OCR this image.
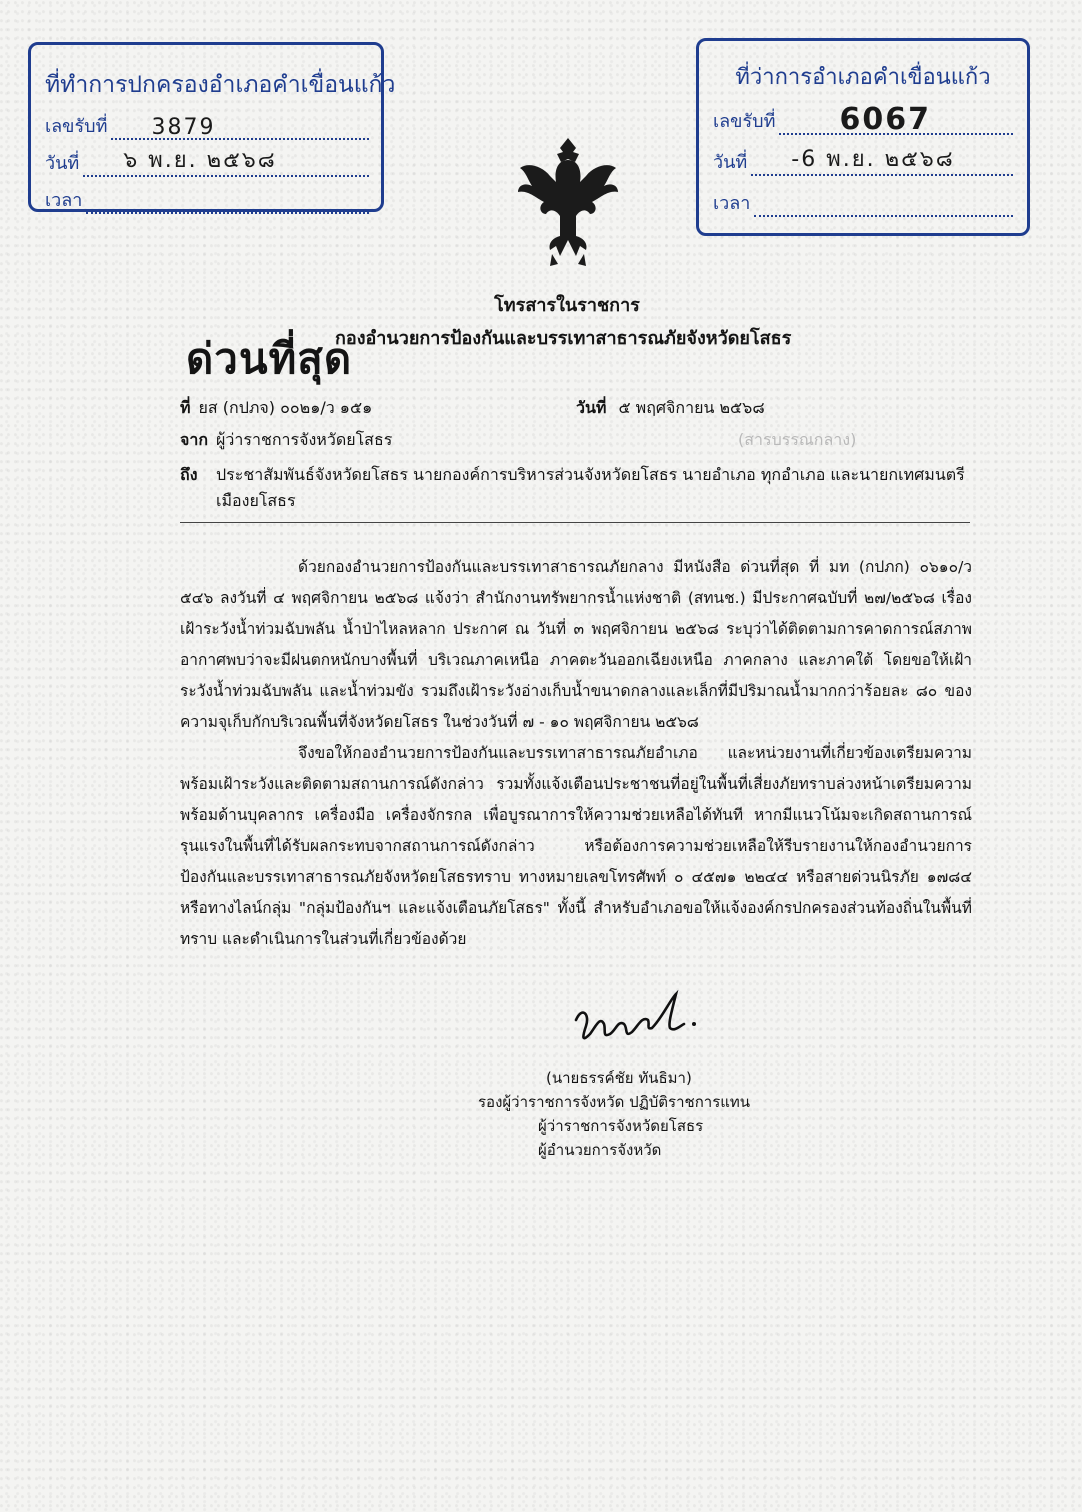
ที่ทำการปกครองอำเภอคำเขื่อนแก้ว
เลขรับที่ 3879
วันที่ ๖ พ.ย. ๒๕๖๘
เวลา
ที่ว่าการอำเภอคำเขื่อนแก้ว
เลขรับที่ 6067
วันที่ -6 พ.ย. ๒๕๖๘
เวลา
โทรสารในราชการ
ด่วนที่สุด
กองอำนวยการป้องกันและบรรเทาสาธารณภัยจังหวัดยโสธร
ที่ ยส (กปภจ) ๐๐๒๑/ว ๑๕๑	วันที่ ๕ พฤศจิกายน ๒๕๖๘
จาก ผู้ว่าราชการจังหวัดยโสธร	(สารบรรณกลาง)
ถึง	ประชาสัมพันธ์จังหวัดยโสธร นายกองค์การบริหารส่วนจังหวัดยโสธร นายอำเภอ ทุกอำเภอ และนายกเทศมนตรีเมืองยโสธร
ด้วยกองอำนวยการป้องกันและบรรเทาสาธารณภัยกลาง มีหนังสือ ด่วนที่สุด ที่ มท (กปภก) ๐๖๑๐/ว ๕๔๖ ลงวันที่ ๔ พฤศจิกายน ๒๕๖๘ แจ้งว่า สำนักงานทรัพยากรน้ำแห่งชาติ (สทนช.) มีประกาศฉบับที่ ๒๗/๒๕๖๘ เรื่อง เฝ้าระวังน้ำท่วมฉับพลัน น้ำป่าไหลหลาก ประกาศ ณ วันที่ ๓ พฤศจิกายน ๒๕๖๘ ระบุว่าได้ติดตามการคาดการณ์สภาพอากาศพบว่าจะมีฝนตกหนักบางพื้นที่ บริเวณภาคเหนือ ภาคตะวันออกเฉียงเหนือ ภาคกลาง และภาคใต้ โดยขอให้เฝ้าระวังน้ำท่วมฉับพลัน และน้ำท่วมขัง รวมถึงเฝ้าระวังอ่างเก็บน้ำขนาดกลางและเล็กที่มีปริมาณน้ำมากกว่าร้อยละ ๘๐ ของความจุเก็บกักบริเวณพื้นที่จังหวัดยโสธร ในช่วงวันที่ ๗ - ๑๐ พฤศจิกายน ๒๕๖๘
จึงขอให้กองอำนวยการป้องกันและบรรเทาสาธารณภัยอำเภอ และหน่วยงานที่เกี่ยวข้องเตรียมความพร้อมเฝ้าระวังและติดตามสถานการณ์ดังกล่าว รวมทั้งแจ้งเตือนประชาชนที่อยู่ในพื้นที่เสี่ยงภัยทราบล่วงหน้าเตรียมความพร้อมด้านบุคลากร เครื่องมือ เครื่องจักรกล เพื่อบูรณาการให้ความช่วยเหลือได้ทันที หากมีแนวโน้มจะเกิดสถานการณ์รุนแรงในพื้นที่ได้รับผลกระทบจากสถานการณ์ดังกล่าว หรือต้องการความช่วยเหลือให้รีบรายงานให้กองอำนวยการป้องกันและบรรเทาสาธารณภัยจังหวัดยโสธรทราบ ทางหมายเลขโทรศัพท์ ๐ ๔๕๗๑ ๒๒๔๔ หรือสายด่วนนิรภัย ๑๗๘๔ หรือทางไลน์กลุ่ม "กลุ่มป้องกันฯ และแจ้งเตือนภัยโสธร" ทั้งนี้ สำหรับอำเภอขอให้แจ้งองค์กรปกครองส่วนท้องถิ่นในพื้นที่ทราบ และดำเนินการในส่วนที่เกี่ยวข้องด้วย
(นายธรรค์ชัย ทันธิมา)
รองผู้ว่าราชการจังหวัด ปฏิบัติราชการแทน
ผู้ว่าราชการจังหวัดยโสธร
ผู้อำนวยการจังหวัด
